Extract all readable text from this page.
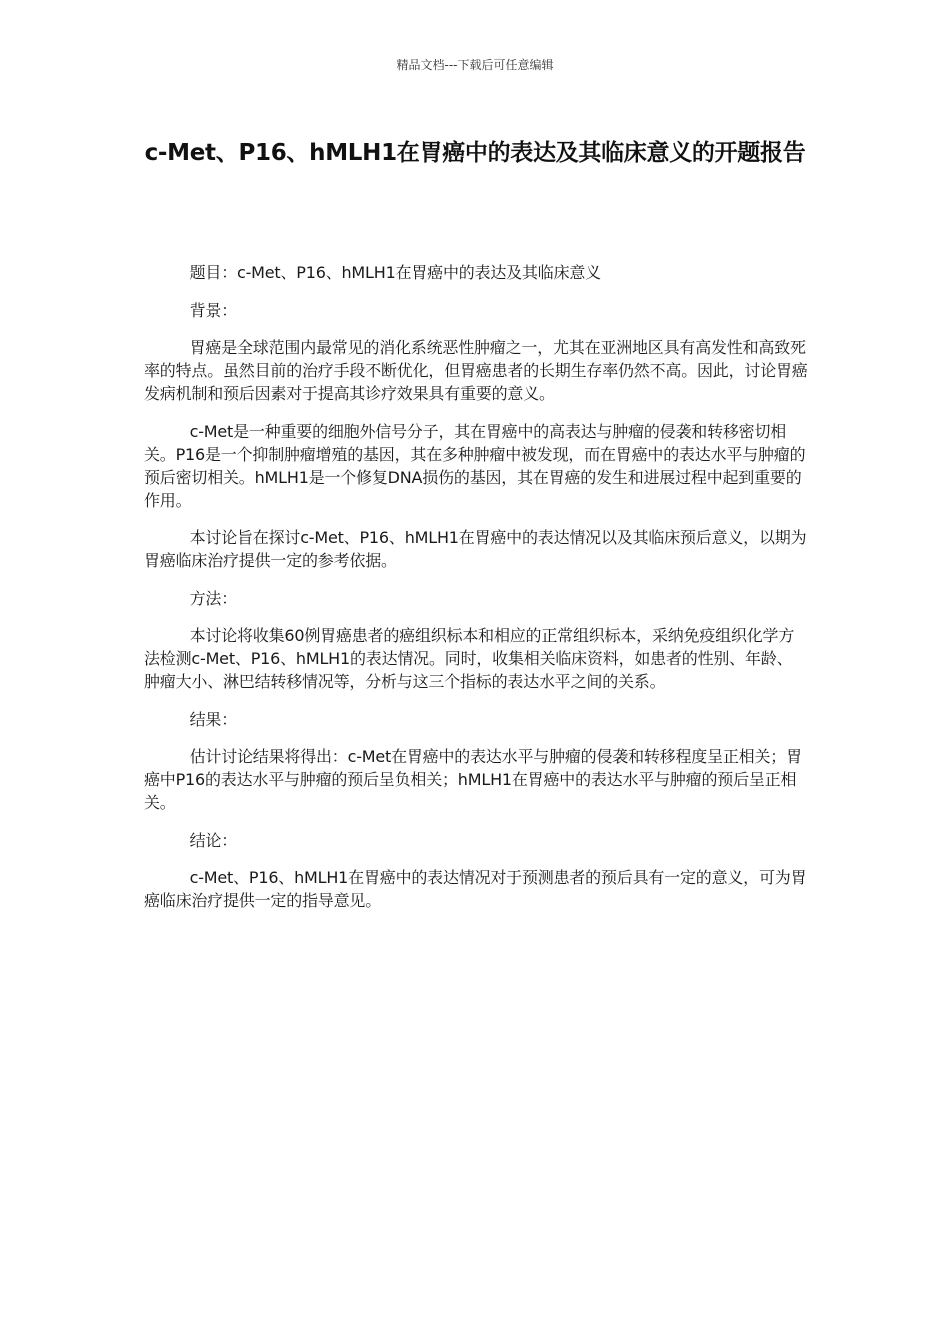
精品文档---下载后可任意编辑
c-Met、P16、hMLH1在胃癌中的表达及其临床意义的开题报告

题目：c-Met、P16、hMLH1在胃癌中的表达及其临床意义

背景：

胃癌是全球范围内最常见的消化系统恶性肿瘤之一，尤其在亚洲地区具有高发性和高致死率的特点。虽然目前的治疗手段不断优化，但胃癌患者的长期生存率仍然不高。因此，讨论胃癌发病机制和预后因素对于提高其诊疗效果具有重要的意义。

c-Met是一种重要的细胞外信号分子，其在胃癌中的高表达与肿瘤的侵袭和转移密切相关。P16是一个抑制肿瘤增殖的基因，其在多种肿瘤中被发现，而在胃癌中的表达水平与肿瘤的预后密切相关。hMLH1是一个修复DNA损伤的基因，其在胃癌的发生和进展过程中起到重要的作用。

本讨论旨在探讨c-Met、P16、hMLH1在胃癌中的表达情况以及其临床预后意义，以期为胃癌临床治疗提供一定的参考依据。

方法：

本讨论将收集60例胃癌患者的癌组织标本和相应的正常组织标本，采纳免疫组织化学方法检测c-Met、P16、hMLH1的表达情况。同时，收集相关临床资料，如患者的性别、年龄、肿瘤大小、淋巴结转移情况等，分析与这三个指标的表达水平之间的关系。

结果：

估计讨论结果将得出：c-Met在胃癌中的表达水平与肿瘤的侵袭和转移程度呈正相关；胃癌中P16的表达水平与肿瘤的预后呈负相关；hMLH1在胃癌中的表达水平与肿瘤的预后呈正相关。

结论：

c-Met、P16、hMLH1在胃癌中的表达情况对于预测患者的预后具有一定的意义，可为胃癌临床治疗提供一定的指导意见。
